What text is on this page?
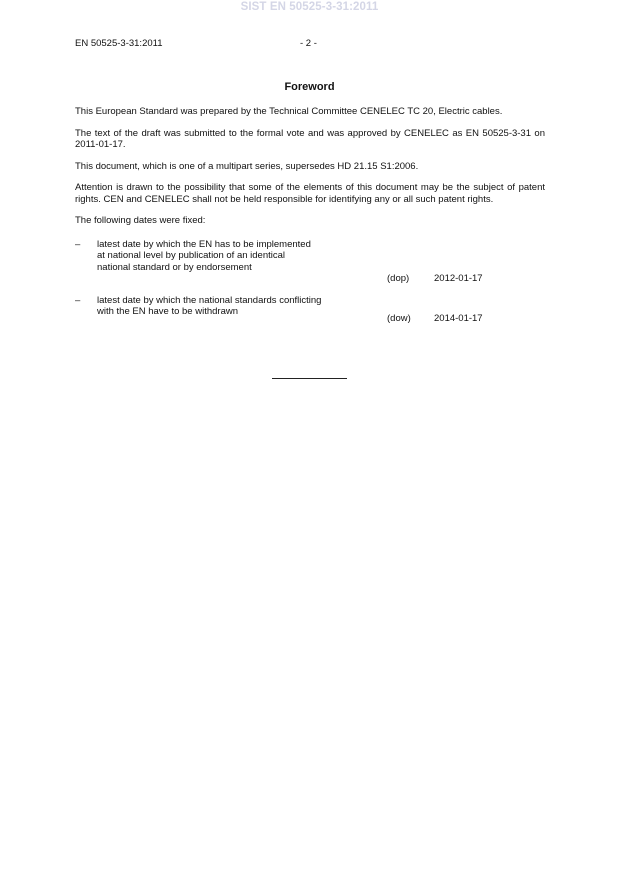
SIST EN 50525-3-31:2011
EN 50525-3-31:2011	- 2 -
Foreword

This European Standard was prepared by the Technical Committee CENELEC TC 20, Electric cables.

The text of the draft was submitted to the formal vote and was approved by CENELEC as EN 50525-3-31 on 2011-01-17.

This document, which is one of a multipart series, supersedes HD 21.15 S1:2006.

Attention is drawn to the possibility that some of the elements of this document may be the subject of patent rights. CEN and CENELEC shall not be held responsible for identifying any or all such patent rights.

The following dates were fixed:

– latest date by which the EN has to be implemented
at national level by publication of an identical
national standard or by endorsement
(dop)	2012-01-17
– latest date by which the national standards conflicting
with the EN have to be withdrawn
(dow) 2014-01-17
